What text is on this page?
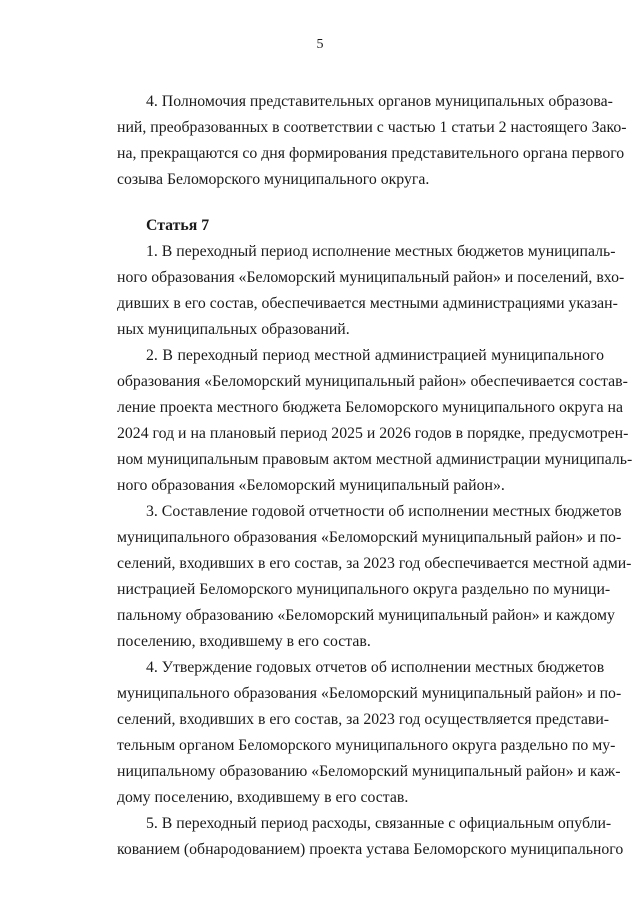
5
4. Полномочия представительных органов муниципальных образова-
ний, преобразованных в соответствии с частью 1 статьи 2 настоящего Зако-
на, прекращаются со дня формирования представительного органа первого
созыва Беломорского муниципального округа.
Статья 7
1. В переходный период исполнение местных бюджетов муниципаль-
ного образования «Беломорский муниципальный район» и поселений, вхо-
дивших в его состав, обеспечивается местными администрациями указан-
ных муниципальных образований.
2. В переходный период местной администрацией муниципального
образования «Беломорский муниципальный район» обеспечивается состав-
ление проекта местного бюджета Беломорского муниципального округа на
2024 год и на плановый период 2025 и 2026 годов в порядке, предусмотрен-
ном муниципальным правовым актом местной администрации муниципаль-
ного образования «Беломорский муниципальный район».
3. Составление годовой отчетности об исполнении местных бюджетов
муниципального образования «Беломорский муниципальный район» и по-
селений, входивших в его состав, за 2023 год обеспечивается местной адми-
нистрацией Беломорского муниципального округа раздельно по муници-
пальному образованию «Беломорский муниципальный район» и каждому
поселению, входившему в его состав.
4. Утверждение годовых отчетов об исполнении местных бюджетов
муниципального образования «Беломорский муниципальный район» и по-
селений, входивших в его состав, за 2023 год осуществляется представи-
тельным органом Беломорского муниципального округа раздельно по му-
ниципальному образованию «Беломорский муниципальный район» и каж-
дому поселению, входившему в его состав.
5. В переходный период расходы, связанные с официальным опубли-
кованием (обнародованием) проекта устава Беломорского муниципального
